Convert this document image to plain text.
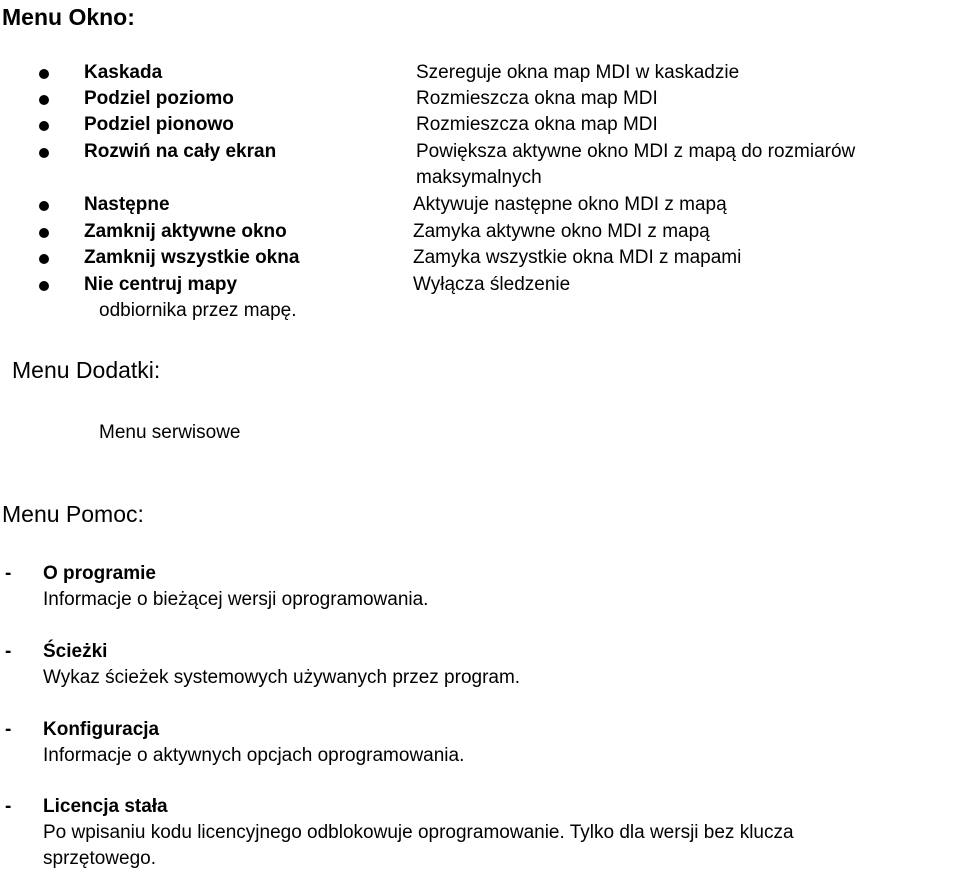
Menu Okno:
Kaskada	Szereguje okna map MDI w kaskadzie
Podziel poziomo	Rozmieszcza okna map MDI
Podziel pionowo	Rozmieszcza okna map MDI
Rozwiń na cały ekran	Powiększa aktywne okno MDI z mapą do rozmiarów
maksymalnych
Następne	Aktywuje następne okno MDI z mapą
Zamknij aktywne okno	Zamyka aktywne okno MDI z mapą
Zamknij wszystkie okna	Zamyka wszystkie okna MDI z mapami
Nie centruj mapy	Wyłącza śledzenie
odbiornika przez mapę.
Menu Dodatki:
Menu serwisowe
Menu Pomoc:
- O programie
Informacje o bieżącej wersji oprogramowania.
- Ścieżki
Wykaz ścieżek systemowych używanych przez program.
- Konfiguracja
Informacje o aktywnych opcjach oprogramowania.
- Licencja stała
Po wpisaniu kodu licencyjnego odblokowuje oprogramowanie. Tylko dla wersji bez klucza
sprzętowego.
